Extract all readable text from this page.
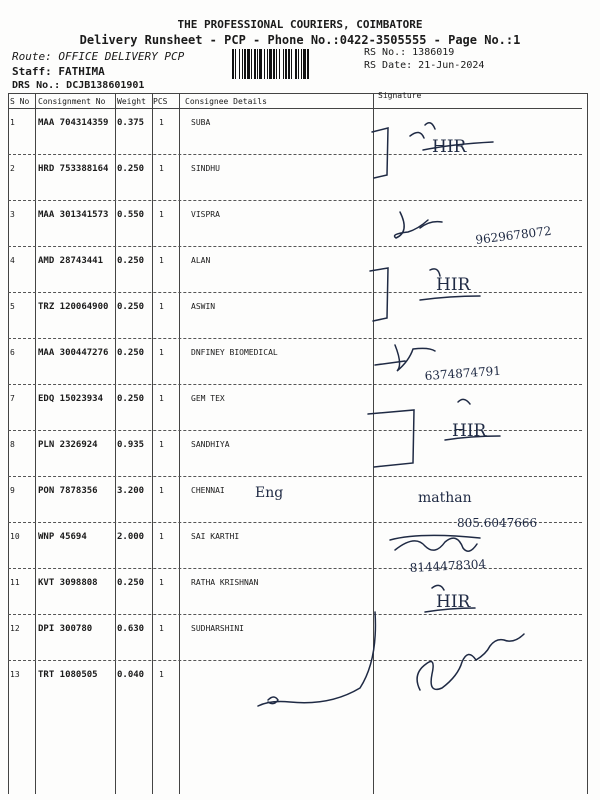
THE PROFESSIONAL COURIERS, COIMBATORE
Delivery Runsheet - PCP - Phone No.:0422-3505555 - Page No.:1
Route: OFFICE DELIVERY PCP
Staff: FATHIMA
DRS No.: DCJB138601901
RS No.: 1386019
RS Date: 21-Jun-2024
S No Consignment No Weight PCS Consignee Details
Signature
1	MAA 704314359 0.375 1	SUBA
2	HRD 753388164 0.250 1	SINDHU
3	MAA 301341573 0.550 1	VISPRA
4	AMD 28743441 0.250 1	ALAN
5	TRZ 120064900 0.250 1	ASWIN
6	MAA 300447276 0.250 1	DNFINEY BIOMEDICAL
7	EDQ 15023934 0.250 1	GEM TEX
8	PLN 2326924 0.935 1	SANDHIYA
9	PON 7878356 3.200 1	CHENNAI
10 WNP 45694	2.000 1	SAI KARTHI
11 KVT 3098808 0.250 1	RATHA KRISHNAN
12 DPI 300780	0.630 1	SUDHARSHINI
13 TRT 1080505 0.040 1
HIR
9629678072
HIR
6374874791
HIR
Eng	mathan
805.6047666
8144478304
HIR
